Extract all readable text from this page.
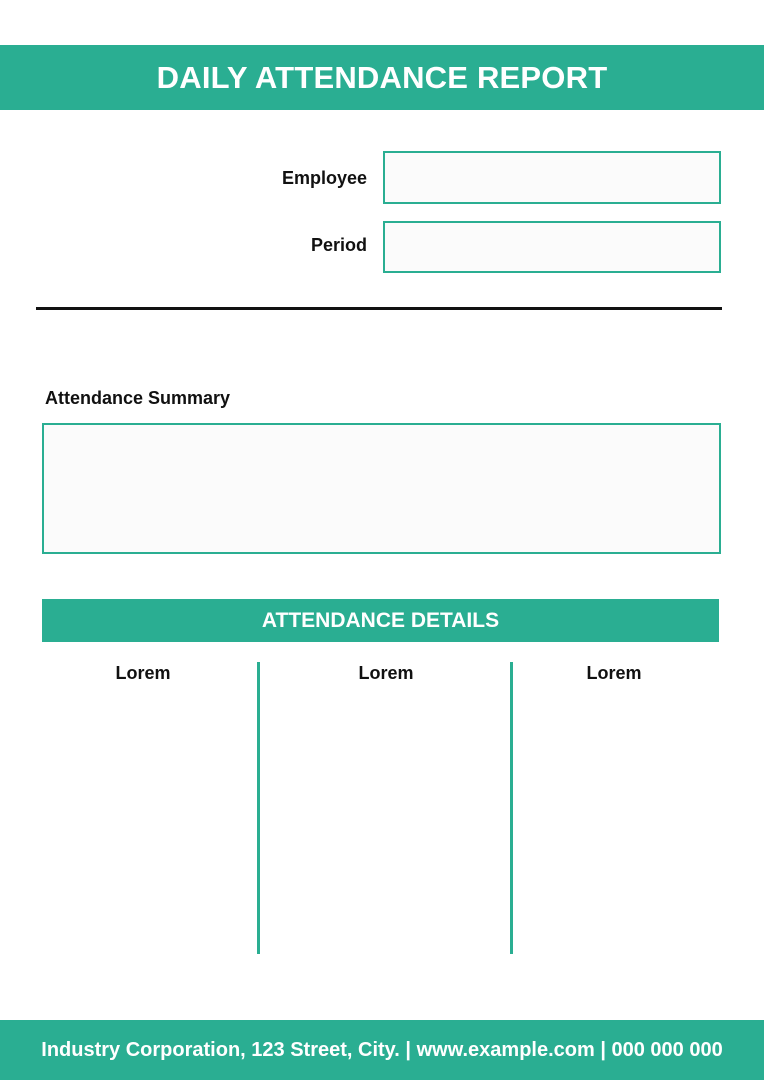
DAILY ATTENDANCE REPORT
Employee
Period
Attendance Summary
ATTENDANCE DETAILS
Lorem	Lorem	Lorem
Industry Corporation, 123 Street, City. | www.example.com | 000 000 000
